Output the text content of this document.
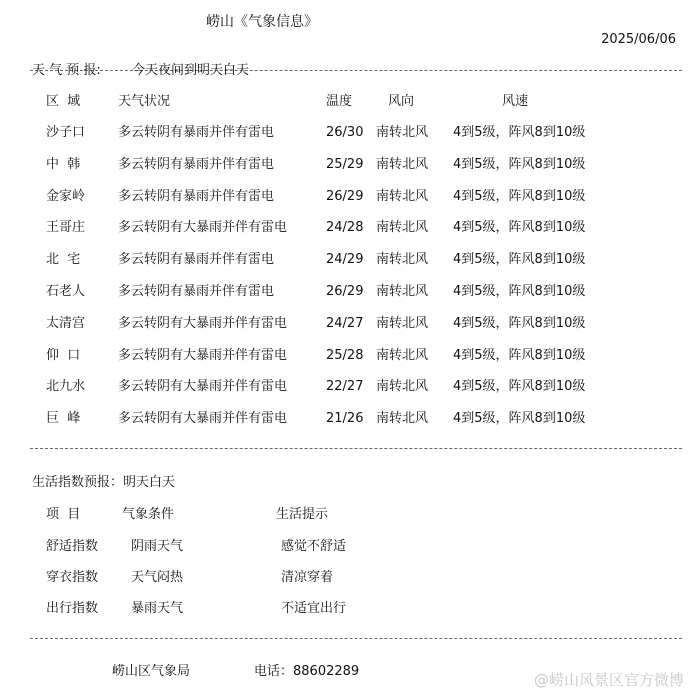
崂山《气象信息》
2025/06/06
天 气 预 报: 今天夜间到明天白天
区  域	天气状况	温度	风向	风速
沙子口	多云转阴有暴雨并伴有雷电	26/30 南转北风 4到5级，阵风8到10级
中  韩	多云转阴有暴雨并伴有雷电	25/29 南转北风 4到5级，阵风8到10级
金家岭	多云转阴有暴雨并伴有雷电	26/29 南转北风 4到5级，阵风8到10级
王哥庄	多云转阴有大暴雨并伴有雷电	24/28 南转北风 4到5级，阵风8到10级
北  宅	多云转阴有暴雨并伴有雷电	24/29 南转北风 4到5级，阵风8到10级
石老人	多云转阴有暴雨并伴有雷电	26/29 南转北风 4到5级，阵风8到10级
太清宫	多云转阴有大暴雨并伴有雷电	24/27 南转北风 4到5级，阵风8到10级
仰  口	多云转阴有大暴雨并伴有雷电	25/28 南转北风 4到5级，阵风8到10级
北九水	多云转阴有大暴雨并伴有雷电	22/27 南转北风 4到5级，阵风8到10级
巨  峰	多云转阴有大暴雨并伴有雷电	21/26 南转北风 4到5级，阵风8到10级
生活指数预报：明天白天
项  目	气象条件	生活提示
舒适指数	阴雨天气	感觉不舒适
穿衣指数	天气闷热	清凉穿着
出行指数	暴雨天气	不适宜出行
崂山区气象局	电话：88602289	@崂山风景区官方微博
